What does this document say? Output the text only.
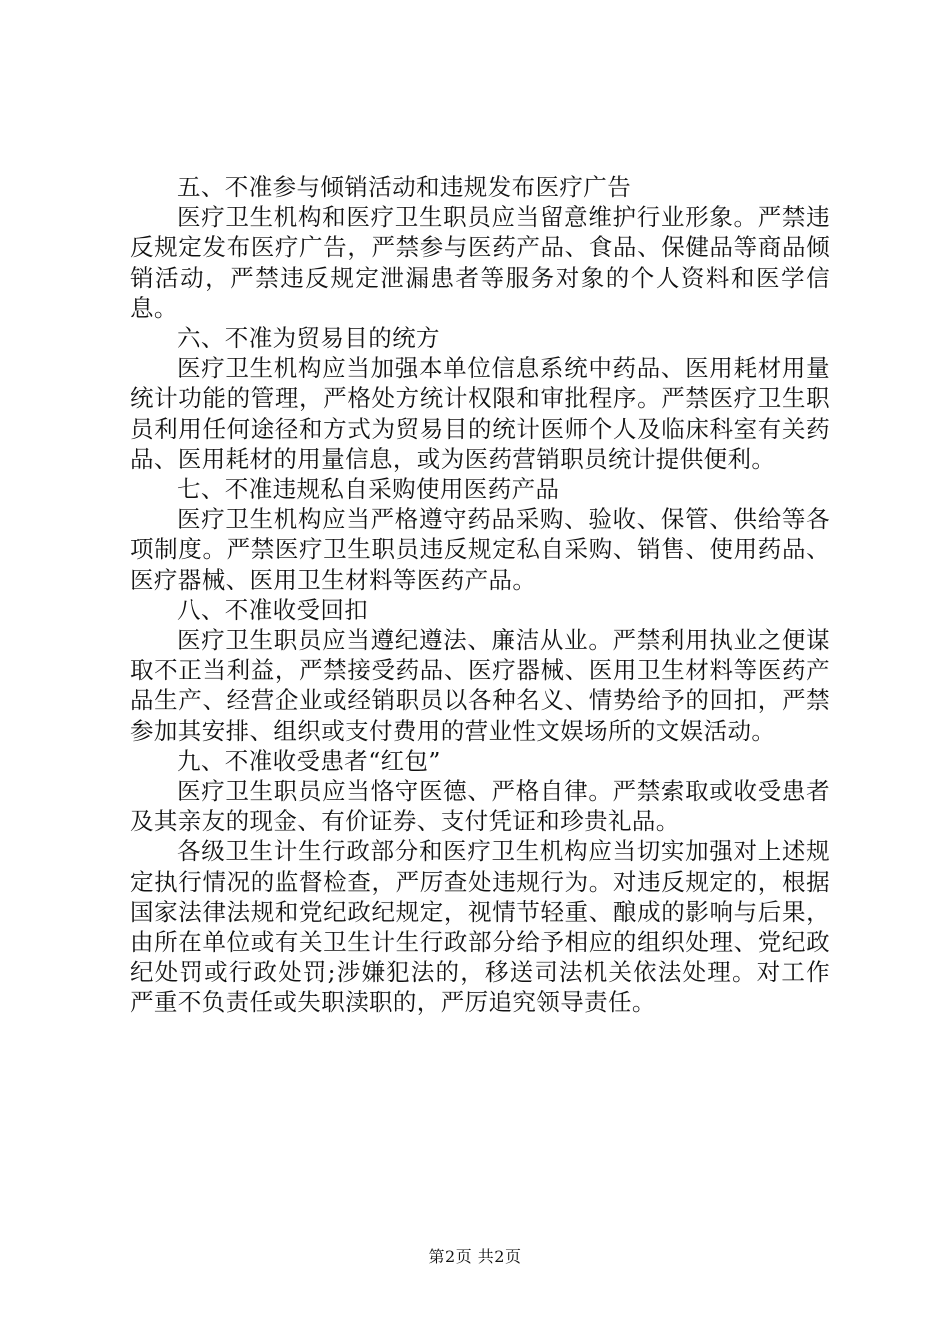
五、不准参与倾销活动和违规发布医疗广告

医疗卫生机构和医疗卫生职员应当留意维护行业形象。严禁违反规定发布医疗广告，严禁参与医药产品、食品、保健品等商品倾销活动，严禁违反规定泄漏患者等服务对象的个人资料和医学信息。

六、不准为贸易目的统方

医疗卫生机构应当加强本单位信息系统中药品、医用耗材用量统计功能的管理，严格处方统计权限和审批程序。严禁医疗卫生职员利用任何途径和方式为贸易目的统计医师个人及临床科室有关药品、医用耗材的用量信息，或为医药营销职员统计提供便利。

七、不准违规私自采购使用医药产品

医疗卫生机构应当严格遵守药品采购、验收、保管、供给等各项制度。严禁医疗卫生职员违反规定私自采购、销售、使用药品、医疗器械、医用卫生材料等医药产品。

八、不准收受回扣

医疗卫生职员应当遵纪遵法、廉洁从业。严禁利用执业之便谋取不正当利益，严禁接受药品、医疗器械、医用卫生材料等医药产品生产、经营企业或经销职员以各种名义、情势给予的回扣，严禁参加其安排、组织或支付费用的营业性文娱场所的文娱活动。

九、不准收受患者“红包”

医疗卫生职员应当恪守医德、严格自律。严禁索取或收受患者及其亲友的现金、有价证券、支付凭证和珍贵礼品。

各级卫生计生行政部分和医疗卫生机构应当切实加强对上述规定执行情况的监督检查，严厉查处违规行为。对违反规定的，根据国家法律法规和党纪政纪规定，视情节轻重、酿成的影响与后果，由所在单位或有关卫生计生行政部分给予相应的组织处理、党纪政纪处罚或行政处罚;涉嫌犯法的，移送司法机关依法处理。对工作严重不负责任或失职渎职的，严厉追究领导责任。

第2页 共2页
